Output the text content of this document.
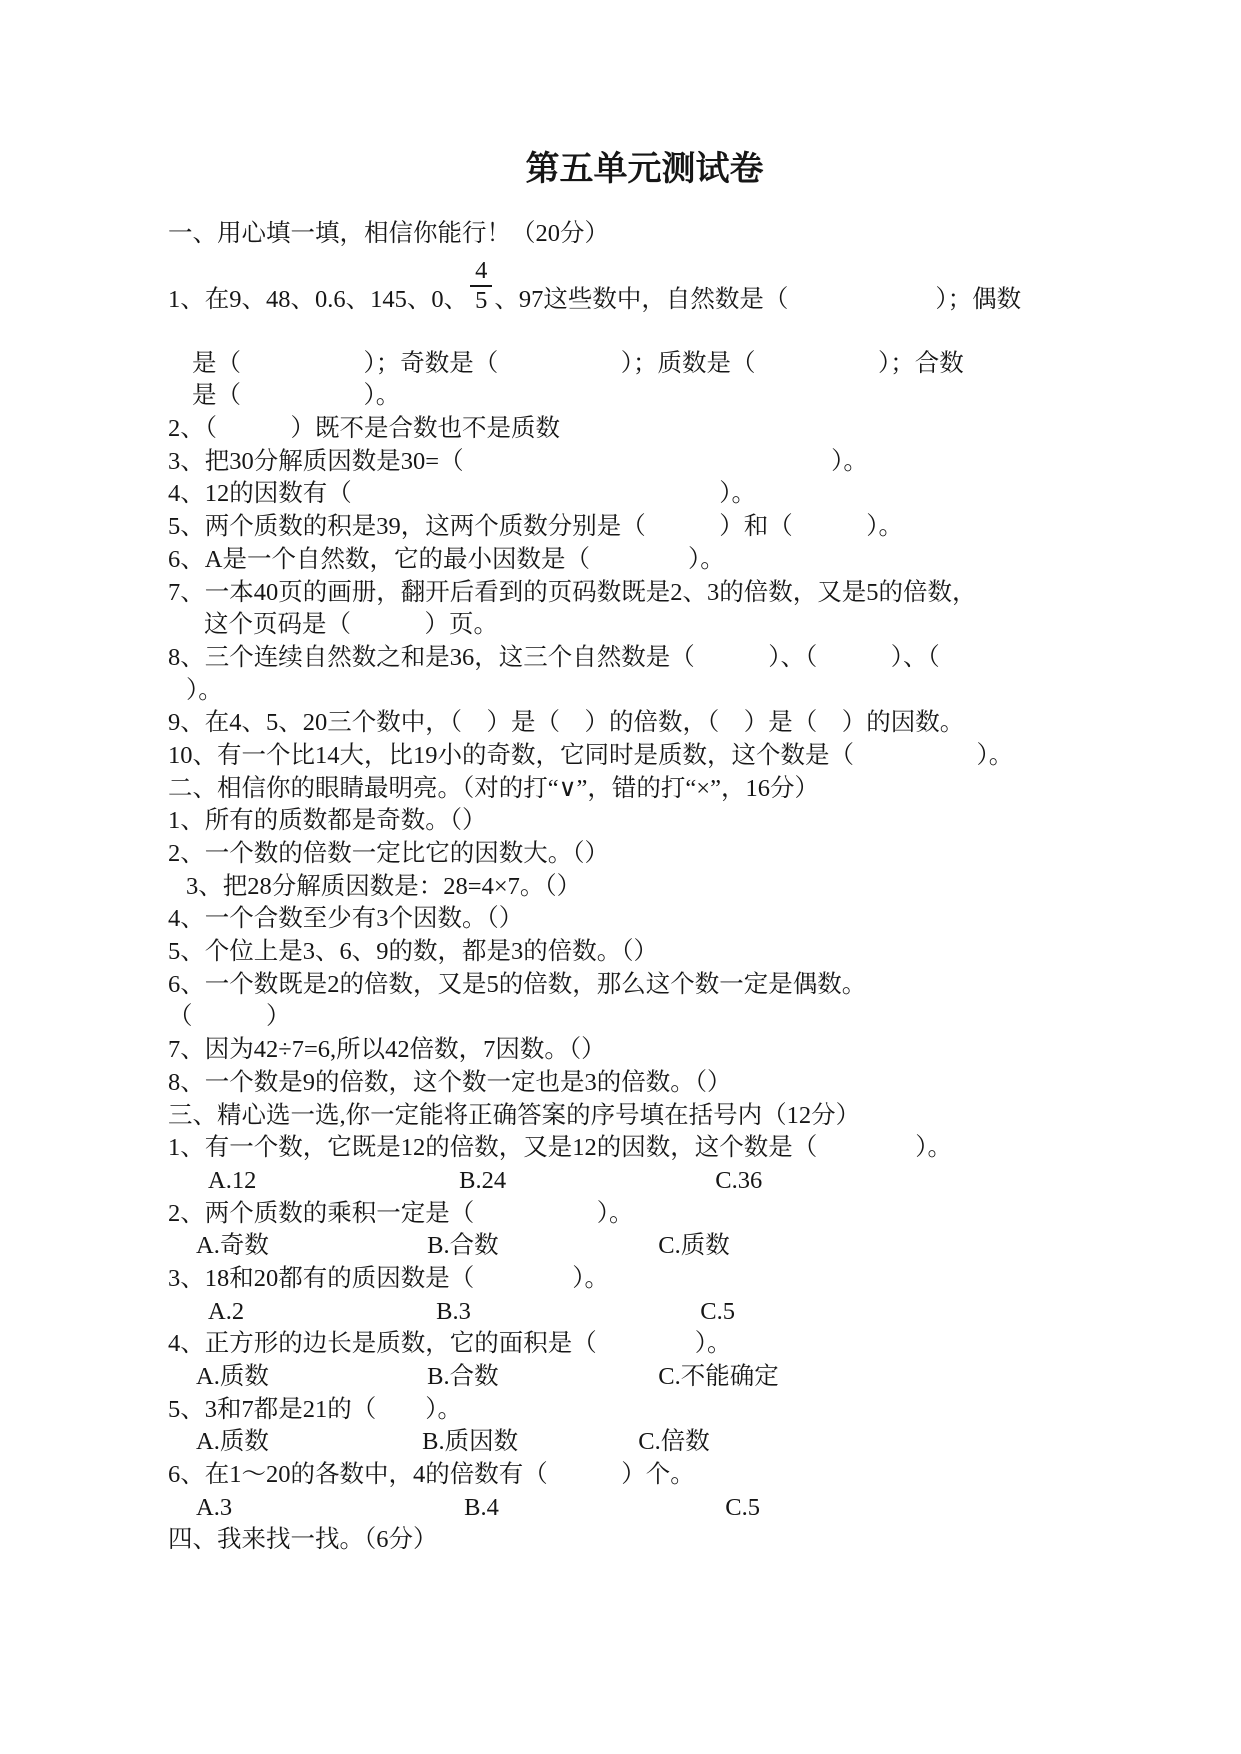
第五单元测试卷
一、用心填一填，相信你能行！（20分）
1、在9、48、0.6、145、0、 $\frac{4}{5}$ 、97这些数中，自然数是（　　　　　　）；偶数
是（　　　　　）；奇数是（　　　　　）；质数是（　　　　　）；合数
是（　　　　　）。
2、（　　　）既不是合数也不是质数
3、把30分解质因数是30=（　　　　　　　　　　　　　　　）。
4、12的因数有（　　　　　　　　　　　　　　　）。
5、两个质数的积是39，这两个质数分别是（　　　）和（　　　）。
6、A是一个自然数，它的最小因数是（　　　　）。
7、一本40页的画册，翻开后看到的页码数既是2、3的倍数，又是5的倍数，
这个页码是（　　　）页。
8、三个连续自然数之和是36，这三个自然数是（　　　）、（　　　）、（
）。
9、在4、5、20三个数中，（　）是（　）的倍数，（　）是（　）的因数。
10、有一个比14大，比19小的奇数，它同时是质数，这个数是（　　　　　）。
二、相信你的眼睛最明亮。（对的打“∨”，错的打“×”，16分）
1、所有的质数都是奇数。（）
2、一个数的倍数一定比它的因数大。（）
3、把28分解质因数是：28=4×7。（）
4、一个合数至少有3个因数。（）
5、个位上是3、6、9的数，都是3的倍数。（）
6、一个数既是2的倍数，又是5的倍数，那么这个数一定是偶数。
（　　　）
7、因为42÷7=6,所以42倍数，7因数。（）
8、一个数是9的倍数，这个数一定也是3的倍数。（）
三、精心选一选,你一定能将正确答案的序号填在括号内（12分）
1、有一个数，它既是12的倍数，又是12的因数，这个数是（　　　　）。
A.12	B.24	C.36
2、两个质数的乘积一定是（　　　　　）。
A.奇数	B.合数	C.质数
3、18和20都有的质因数是（　　　　）。
A.2	B.3	C.5
4、正方形的边长是质数，它的面积是（　　　　）。
A.质数	B.合数	C.不能确定
5、3和7都是21的（　　）。
A.质数	B.质因数	C.倍数
6、在1～20的各数中，4的倍数有（　　　）个。
A.3	B.4	C.5
四、我来找一找。（6分）
